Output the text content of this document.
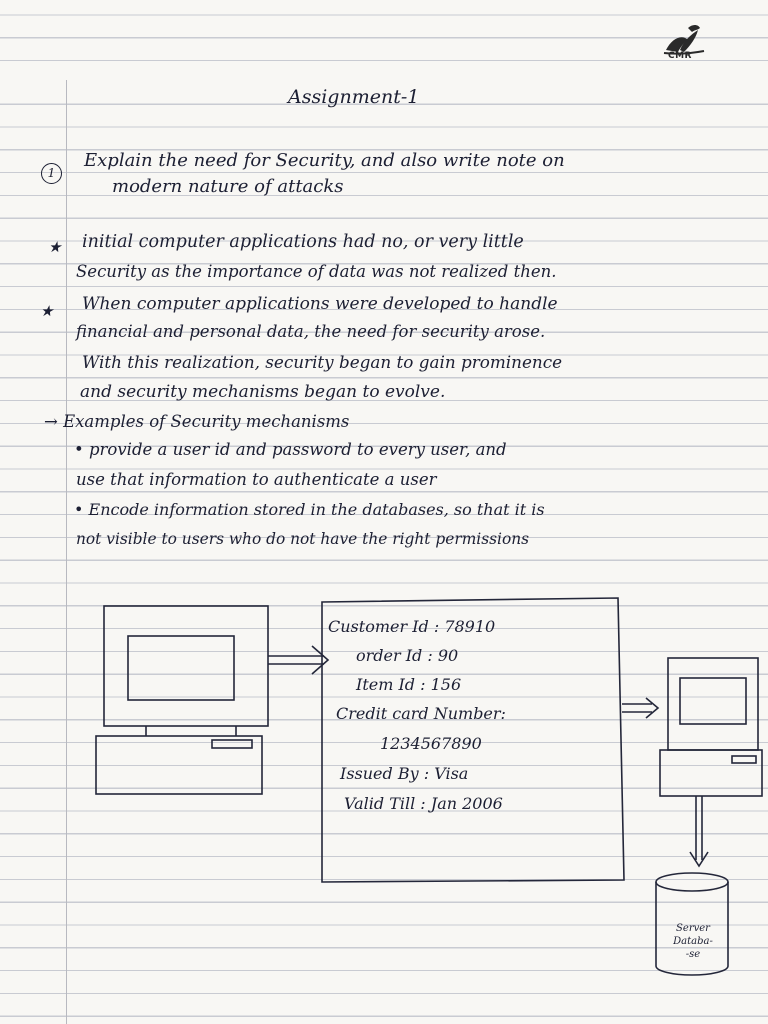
CMR
Assignment-1
1
Explain the need for Security, and also write note on
modern nature of attacks
★ initial computer applications had no, or very little
Security as the importance of data was not realized then.
★ When computer applications were developed to handle
financial and personal data, the need for security arose.
With this realization, security began to gain prominence
and security mechanisms began to evolve.
→ Examples of Security mechanisms
• provide a user id and password to every user, and
use that information to authenticate a user
• Encode information stored in the databases, so that it is
not visible to users who do not have the right permissions
Customer Id : 78910
order Id : 90
Item Id : 156
Credit card Number:
1234567890
Issued By : Visa
Valid Till : Jan 2006
Server
Databa-
-se
